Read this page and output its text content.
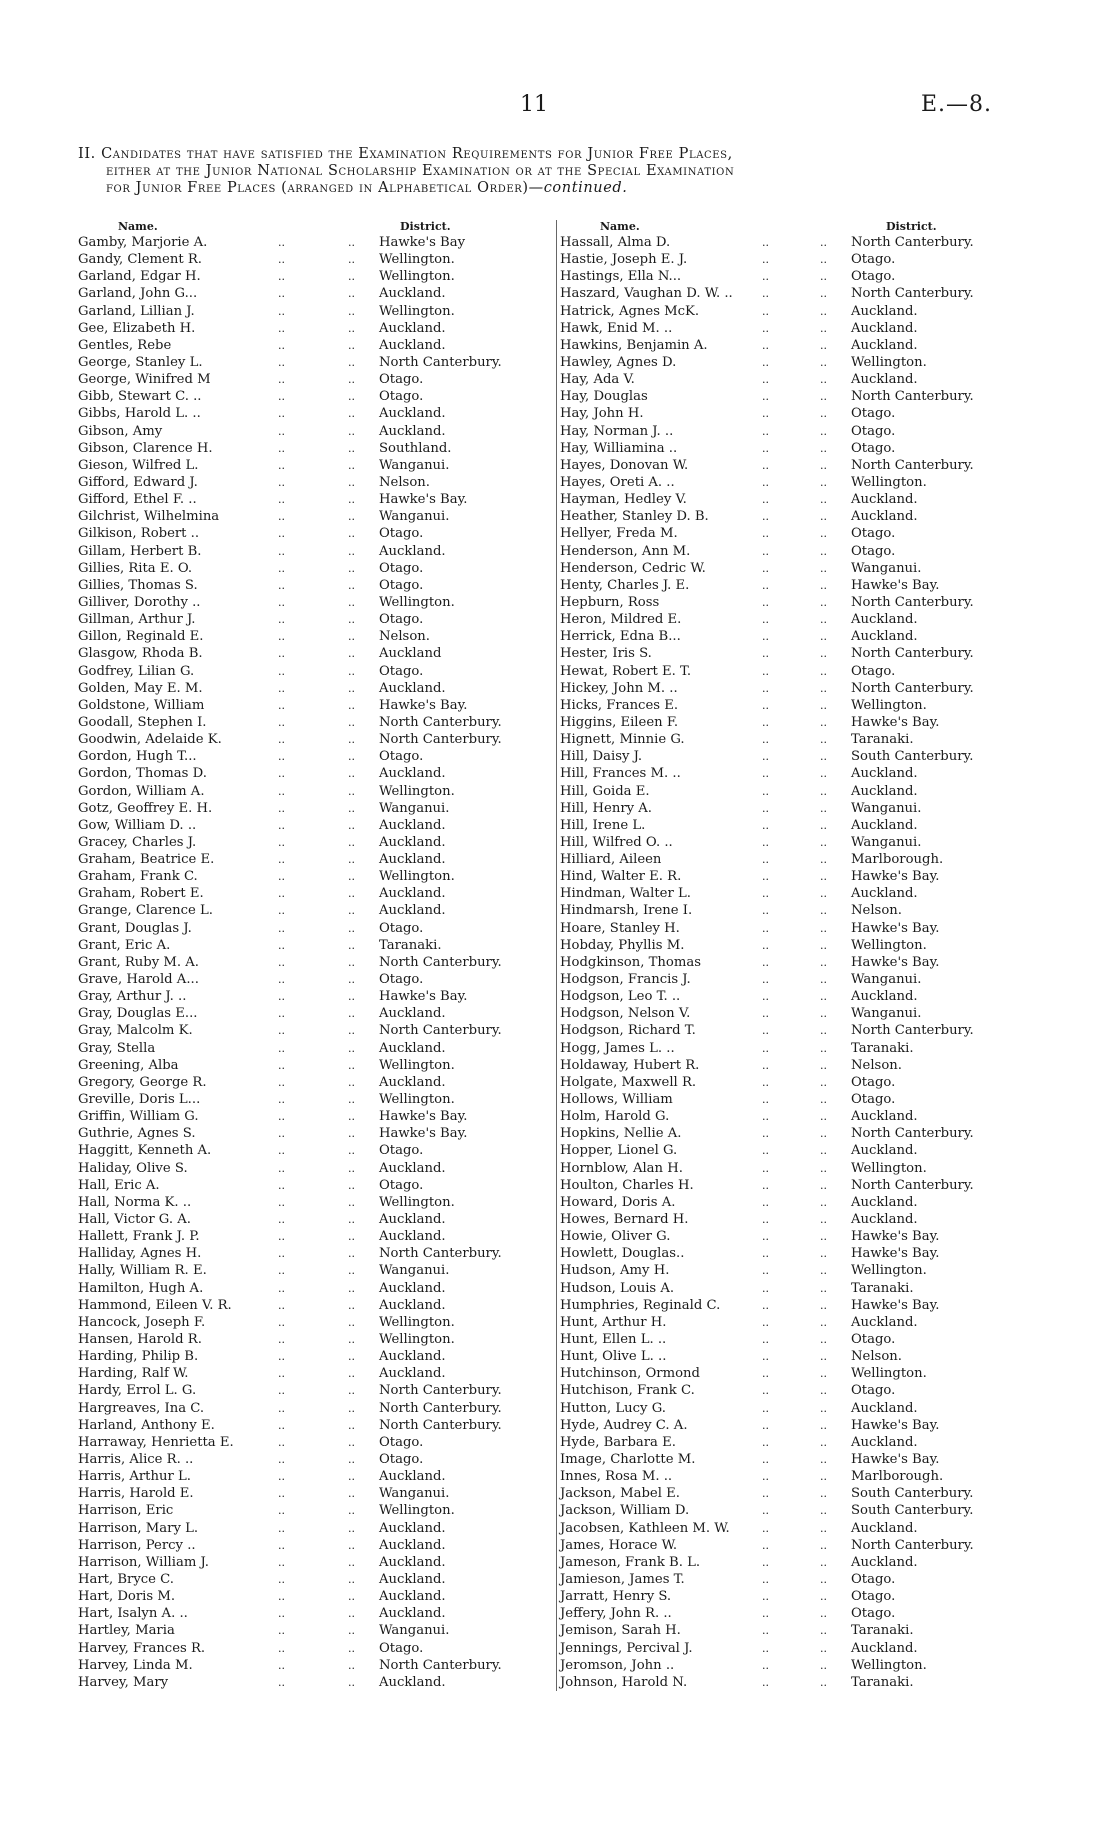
11	E.—8.
II. Candidates that have satisfied the Examination Requirements for Junior Free Places,
either at the Junior National Scholarship Examination or at the Special Examination
for Junior Free Places (arranged in Alphabetical Order)—continued.
Name.	District.
Gamby, Marjorie A.	..	.. Hawke's Bay
Gandy, Clement R.	..	.. Wellington.
Garland, Edgar H.	..	.. Wellington.
Garland, John G...	..	.. Auckland.
Garland, Lillian J.	..	.. Wellington.
Gee, Elizabeth H.	..	.. Auckland.
Gentles, Rebe	..	.. Auckland.
George, Stanley L.	..	.. North Canterbury.
George, Winifred M	..	.. Otago.
Gibb, Stewart C. ..	..	.. Otago.
Gibbs, Harold L. ..	..	.. Auckland.
Gibson, Amy	..	.. Auckland.
Gibson, Clarence H.	..	.. Southland.
Gieson, Wilfred L.	..	.. Wanganui.
Gifford, Edward J.	..	.. Nelson.
Gifford, Ethel F. ..	..	.. Hawke's Bay.
Gilchrist, Wilhelmina	..	.. Wanganui.
Gilkison, Robert ..	..	.. Otago.
Gillam, Herbert B.	..	.. Auckland.
Gillies, Rita E. O.	..	.. Otago.
Gillies, Thomas S.	..	.. Otago.
Gilliver, Dorothy ..	..	.. Wellington.
Gillman, Arthur J.	..	.. Otago.
Gillon, Reginald E.	..	.. Nelson.
Glasgow, Rhoda B.	..	.. Auckland
Godfrey, Lilian G.	..	.. Otago.
Golden, May E. M.	..	.. Auckland.
Goldstone, William	..	.. Hawke's Bay.
Goodall, Stephen I.	..	.. North Canterbury.
Goodwin, Adelaide K.	..	.. North Canterbury.
Gordon, Hugh T...	..	.. Otago.
Gordon, Thomas D.	..	.. Auckland.
Gordon, William A.	..	.. Wellington.
Gotz, Geoffrey E. H.	..	.. Wanganui.
Gow, William D. ..	..	.. Auckland.
Gracey, Charles J.	..	.. Auckland.
Graham, Beatrice E.	..	.. Auckland.
Graham, Frank C.	..	.. Wellington.
Graham, Robert E.	..	.. Auckland.
Grange, Clarence L.	..	.. Auckland.
Grant, Douglas J.	..	.. Otago.
Grant, Eric A.	..	.. Taranaki.
Grant, Ruby M. A.	..	.. North Canterbury.
Grave, Harold A...	..	.. Otago.
Gray, Arthur J. ..	..	.. Hawke's Bay.
Gray, Douglas E...	..	.. Auckland.
Gray, Malcolm K.	..	.. North Canterbury.
Gray, Stella	..	.. Auckland.
Greening, Alba	..	.. Wellington.
Gregory, George R.	..	.. Auckland.
Greville, Doris L...	..	.. Wellington.
Griffin, William G.	..	.. Hawke's Bay.
Guthrie, Agnes S.	..	.. Hawke's Bay.
Haggitt, Kenneth A.	..	.. Otago.
Haliday, Olive S.	..	.. Auckland.
Hall, Eric A.	..	.. Otago.
Hall, Norma K. ..	..	.. Wellington.
Hall, Victor G. A.	..	.. Auckland.
Hallett, Frank J. P.	..	.. Auckland.
Halliday, Agnes H.	..	.. North Canterbury.
Hally, William R. E.	..	.. Wanganui.
Hamilton, Hugh A.	..	.. Auckland.
Hammond, Eileen V. R.	..	.. Auckland.
Hancock, Joseph F.	..	.. Wellington.
Hansen, Harold R.	..	.. Wellington.
Harding, Philip B.	..	.. Auckland.
Harding, Ralf W.	..	.. Auckland.
Hardy, Errol L. G.	..	.. North Canterbury.
Hargreaves, Ina C.	..	.. North Canterbury.
Harland, Anthony E.	..	.. North Canterbury.
Harraway, Henrietta E.	..	.. Otago.
Harris, Alice R. ..	..	.. Otago.
Harris, Arthur L.	..	.. Auckland.
Harris, Harold E.	..	.. Wanganui.
Harrison, Eric	..	.. Wellington.
Harrison, Mary L.	..	.. Auckland.
Harrison, Percy ..	..	.. Auckland.
Harrison, William J.	..	.. Auckland.
Hart, Bryce C.	..	.. Auckland.
Hart, Doris M.	..	.. Auckland.
Hart, Isalyn A. ..	..	.. Auckland.
Hartley, Maria	..	.. Wanganui.
Harvey, Frances R.	..	.. Otago.
Harvey, Linda M.	..	.. North Canterbury.
Harvey, Mary	..	.. Auckland.
Name.	District.
Hassall, Alma D.	..	.. North Canterbury.
Hastie, Joseph E. J.	..	.. Otago.
Hastings, Ella N...	..	.. Otago.
Haszard, Vaughan D. W. ..	..	.. North Canterbury.
Hatrick, Agnes McK.	..	.. Auckland.
Hawk, Enid M. ..	..	.. Auckland.
Hawkins, Benjamin A.	..	.. Auckland.
Hawley, Agnes D.	..	.. Wellington.
Hay, Ada V.	..	.. Auckland.
Hay, Douglas	..	.. North Canterbury.
Hay, John H.	..	.. Otago.
Hay, Norman J. ..	..	.. Otago.
Hay, Williamina ..	..	.. Otago.
Hayes, Donovan W.	..	.. North Canterbury.
Hayes, Oreti A. ..	..	.. Wellington.
Hayman, Hedley V.	..	.. Auckland.
Heather, Stanley D. B.	..	.. Auckland.
Hellyer, Freda M.	..	.. Otago.
Henderson, Ann M.	..	.. Otago.
Henderson, Cedric W.	..	.. Wanganui.
Henty, Charles J. E.	..	.. Hawke's Bay.
Hepburn, Ross	..	.. North Canterbury.
Heron, Mildred E.	..	.. Auckland.
Herrick, Edna B...	..	.. Auckland.
Hester, Iris S.	..	.. North Canterbury.
Hewat, Robert E. T.	..	.. Otago.
Hickey, John M. ..	..	.. North Canterbury.
Hicks, Frances E.	..	.. Wellington.
Higgins, Eileen F.	..	.. Hawke's Bay.
Hignett, Minnie G.	..	.. Taranaki.
Hill, Daisy J.	..	.. South Canterbury.
Hill, Frances M. ..	..	.. Auckland.
Hill, Goida E.	..	.. Auckland.
Hill, Henry A.	..	.. Wanganui.
Hill, Irene L.	..	.. Auckland.
Hill, Wilfred O. ..	..	.. Wanganui.
Hilliard, Aileen	..	.. Marlborough.
Hind, Walter E. R.	..	.. Hawke's Bay.
Hindman, Walter L.	..	.. Auckland.
Hindmarsh, Irene I.	..	.. Nelson.
Hoare, Stanley H.	..	.. Hawke's Bay.
Hobday, Phyllis M.	..	.. Wellington.
Hodgkinson, Thomas	..	.. Hawke's Bay.
Hodgson, Francis J.	..	.. Wanganui.
Hodgson, Leo T. ..	..	.. Auckland.
Hodgson, Nelson V.	..	.. Wanganui.
Hodgson, Richard T.	..	.. North Canterbury.
Hogg, James L. ..	..	.. Taranaki.
Holdaway, Hubert R.	..	.. Nelson.
Holgate, Maxwell R.	..	.. Otago.
Hollows, William	..	.. Otago.
Holm, Harold G.	..	.. Auckland.
Hopkins, Nellie A.	..	.. North Canterbury.
Hopper, Lionel G.	..	.. Auckland.
Hornblow, Alan H.	..	.. Wellington.
Houlton, Charles H.	..	.. North Canterbury.
Howard, Doris A.	..	.. Auckland.
Howes, Bernard H.	..	.. Auckland.
Howie, Oliver G.	..	.. Hawke's Bay.
Howlett, Douglas..	..	.. Hawke's Bay.
Hudson, Amy H.	..	.. Wellington.
Hudson, Louis A.	..	.. Taranaki.
Humphries, Reginald C.	..	.. Hawke's Bay.
Hunt, Arthur H.	..	.. Auckland.
Hunt, Ellen L. ..	..	.. Otago.
Hunt, Olive L. ..	..	.. Nelson.
Hutchinson, Ormond	..	.. Wellington.
Hutchison, Frank C.	..	.. Otago.
Hutton, Lucy G.	..	.. Auckland.
Hyde, Audrey C. A.	..	.. Hawke's Bay.
Hyde, Barbara E.	..	.. Auckland.
Image, Charlotte M.	..	.. Hawke's Bay.
Innes, Rosa M. ..	..	.. Marlborough.
Jackson, Mabel E.	..	.. South Canterbury.
Jackson, William D.	..	.. South Canterbury.
Jacobsen, Kathleen M. W.	..	.. Auckland.
James, Horace W.	..	.. North Canterbury.
Jameson, Frank B. L.	..	.. Auckland.
Jamieson, James T.	..	.. Otago.
Jarratt, Henry S.	..	.. Otago.
Jeffery, John R. ..	..	.. Otago.
Jemison, Sarah H.	..	.. Taranaki.
Jennings, Percival J.	..	.. Auckland.
Jeromson, John ..	..	.. Wellington.
Johnson, Harold N.	..	.. Taranaki.
